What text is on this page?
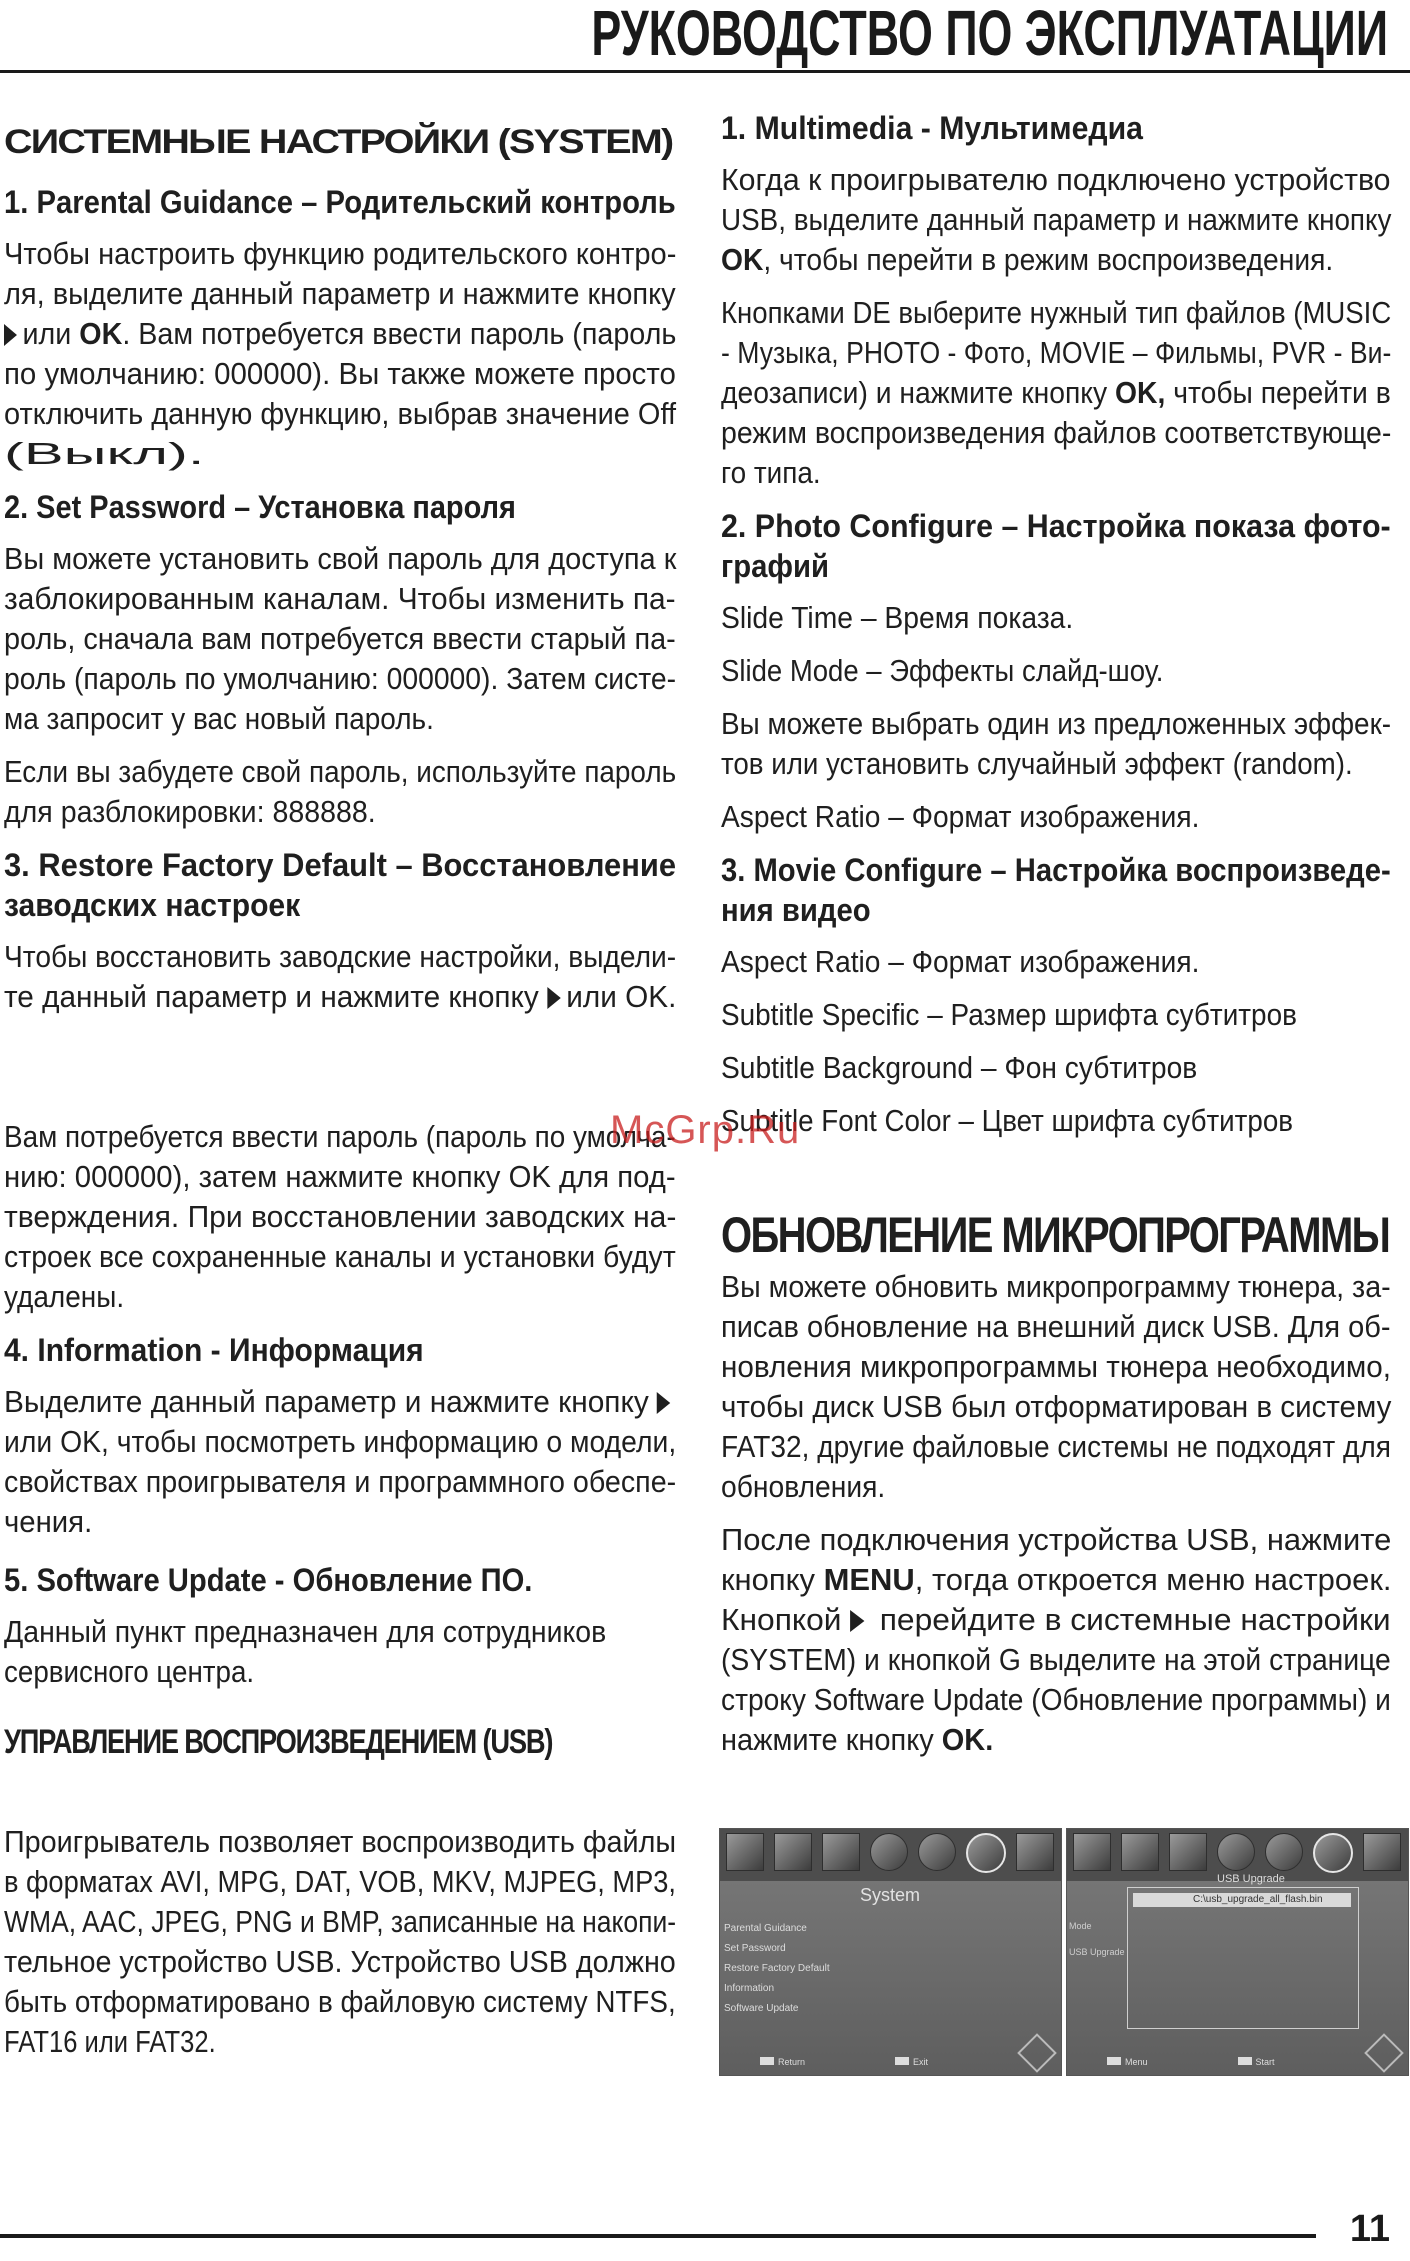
РУКОВОДСТВО ПО ЭКСПЛУАТАЦИИ
СИСТЕМНЫЕ НАСТРОЙКИ (SYSTEM)
1. Parental Guidance – Родительский контроль
Чтобы настроить функцию родительского контро-
ля, выделите данный параметр и нажмите кнопку
или OK. Вам потребуется ввести пароль (пароль
по умолчанию: 000000). Вы также можете просто
отключить данную функцию, выбрав значение Off
(Выкл).
2. Set Password – Установка пароля
Вы можете установить свой пароль для доступа к
заблокированным каналам. Чтобы изменить па-
роль, сначала вам потребуется ввести старый па-
роль (пароль по умолчанию: 000000). Затем систе-
ма запросит у вас новый пароль.
Если вы забудете свой пароль, используйте пароль
для разблокировки: 888888.
3. Restore Factory Default – Восстановление
заводских настроек
Чтобы восстановить заводские настройки, выдели-
те данный параметр и нажмите кнопку или OK.
Вам потребуется ввести пароль (пароль по умолча-
нию: 000000), затем нажмите кнопку OK для под-
тверждения. При восстановлении заводских на-
строек все сохраненные каналы и установки будут
удалены.
4. Information - Информация
Выделите данный параметр и нажмите кнопку
или OK, чтобы посмотреть информацию о модели,
свойствах проигрывателя и программного обеспе-
чения.
5. Software Update - Обновление ПО.
Данный пункт предназначен для сотрудников
сервисного центра.
УПРАВЛЕНИЕ ВОСПРОИЗВЕДЕНИЕМ (USB)
Проигрыватель позволяет воспроизводить файлы
в форматах AVI, MPG, DAT, VOB, MKV, MJPEG, MP3,
WMA, AAC, JPEG, PNG и BMP, записанные на накопи-
тельное устройство USB. Устройство USB должно
быть отформатировано в файловую систему NTFS,
FAT16 или FAT32.
1. Multimedia - Мультимедиа
Когда к проигрывателю подключено устройство
USB, выделите данный параметр и нажмите кнопку
OK, чтобы перейти в режим воспроизведения.
Кнопками DE выберите нужный тип файлов (MUSIC
- Музыка, PHOTO - Фото, MOVIE – Фильмы, PVR - Ви-
деозаписи) и нажмите кнопку OK, чтобы перейти в
режим воспроизведения файлов соответствующе-
го типа.
2. Photo Configure – Настройка показа фото-
графий
Slide Time – Время показа.
Slide Mode – Эффекты слайд-шоу.
Вы можете выбрать один из предложенных эффек-
тов или установить случайный эффект (random).
Aspect Ratio – Формат изображения.
3. Movie Configure – Настройка воспроизведе-
ния видео
Aspect Ratio – Формат изображения.
Subtitle Specific – Размер шрифта субтитров
Subtitle Background – Фон субтитров
Subtitle Font Color – Цвет шрифта субтитров
ОБНОВЛЕНИЕ МИКРОПРОГРАММЫ
Вы можете обновить микропрограмму тюнера, за-
писав обновление на внешний диск USB. Для об-
новления микропрограммы тюнера необходимо,
чтобы диск USB был отформатирован в систему
FAT32, другие файловые системы не подходят для
обновления.
После подключения устройства USB, нажмите
кнопку MENU, тогда откроется меню настроек.
Кнопкой перейдите в системные настройки
(SYSTEM) и кнопкой G выделите на этой странице
строку Software Update (Обновление программы) и
нажмите кнопку OK.
McGrp.Ru
System
Parental Guidance
Set Password
Restore Factory Default
Information
Software Update
Return	Exit
USB Upgrade
C:\usb_upgrade_all_flash.bin
Mode
USB Upgrade
Menu	Start
11
